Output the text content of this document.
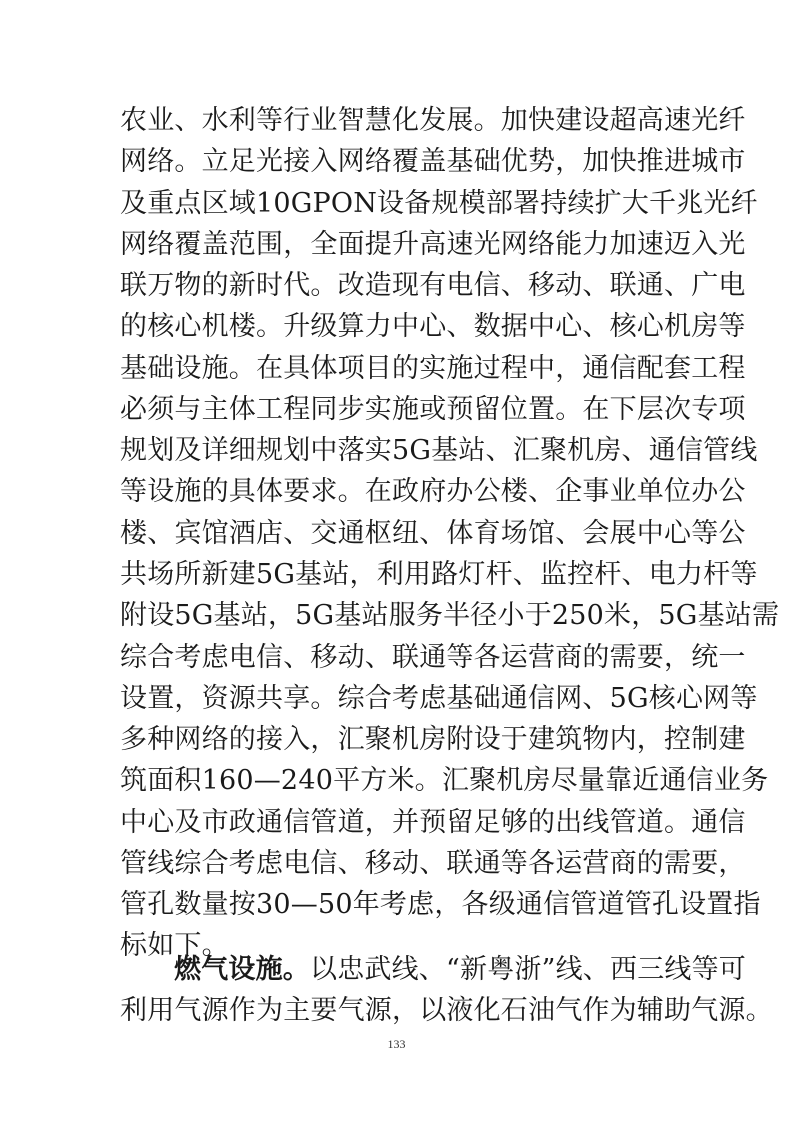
农业、水利等行业智慧化发展。加快建设超高速光纤
网络。立足光接入网络覆盖基础优势，加快推进城市
及重点区域10GPON设备规模部署持续扩大千兆光纤
网络覆盖范围，全面提升高速光网络能力加速迈入光
联万物的新时代。改造现有电信、移动、联通、广电
的核心机楼。升级算力中心、数据中心、核心机房等
基础设施。在具体项目的实施过程中，通信配套工程
必须与主体工程同步实施或预留位置。在下层次专项
规划及详细规划中落实5G基站、汇聚机房、通信管线
等设施的具体要求。在政府办公楼、企事业单位办公
楼、宾馆酒店、交通枢纽、体育场馆、会展中心等公
共场所新建5G基站，利用路灯杆、监控杆、电力杆等
附设5G基站，5G基站服务半径小于250米，5G基站需
综合考虑电信、移动、联通等各运营商的需要，统一
设置，资源共享。综合考虑基础通信网、5G核心网等
多种网络的接入，汇聚机房附设于建筑物内，控制建
筑面积160—240平方米。汇聚机房尽量靠近通信业务
中心及市政通信管道，并预留足够的出线管道。通信
管线综合考虑电信、移动、联通等各运营商的需要，
管孔数量按30—50年考虑，各级通信管道管孔设置指
标如下。
燃气设施。以忠武线、“新粤浙”线、西三线等可
利用气源作为主要气源，以液化石油气作为辅助气源。
133
